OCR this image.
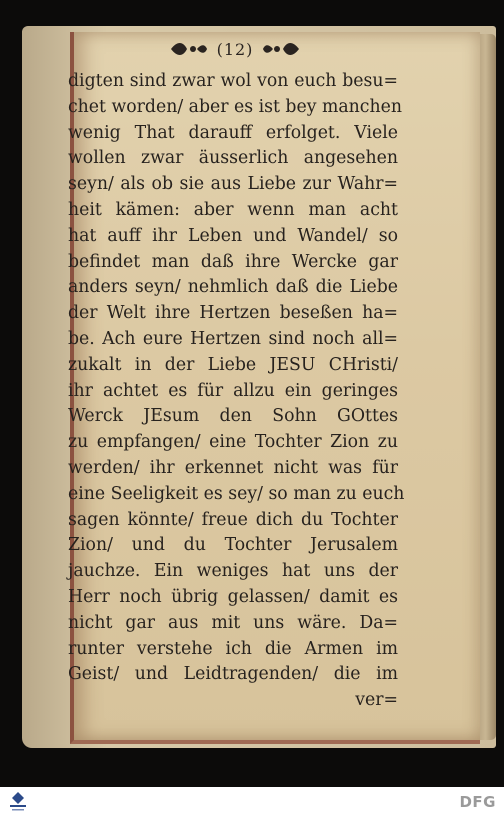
(12)
digten sind zwar wol von euch besu=
chet worden/ aber es ist bey manchen
wenig That darauff erfolget. Viele
wollen zwar äusserlich angesehen
seyn/ als ob sie aus Liebe zur Wahr=
heit kämen: aber wenn man acht
hat auff ihr Leben und Wandel/ so
befindet man daß ihre Wercke gar
anders seyn/ nehmlich daß die Liebe
der Welt ihre Hertzen beseßen ha=
be. Ach eure Hertzen sind noch all=
zukalt in der Liebe JESU CHristi/
ihr achtet es für allzu ein geringes
Werck JEsum den Sohn GOttes
zu empfangen/ eine Tochter Zion zu
werden/ ihr erkennet nicht was für
eine Seeligkeit es sey/ so man zu euch
sagen könnte/ freue dich du Tochter
Zion/ und du Tochter Jerusalem
jauchze. Ein weniges hat uns der
Herr noch übrig gelassen/ damit es
nicht gar aus mit uns wäre. Da=
runter verstehe ich die Armen im
Geist/ und Leidtragenden/ die im
ver=
DFG
